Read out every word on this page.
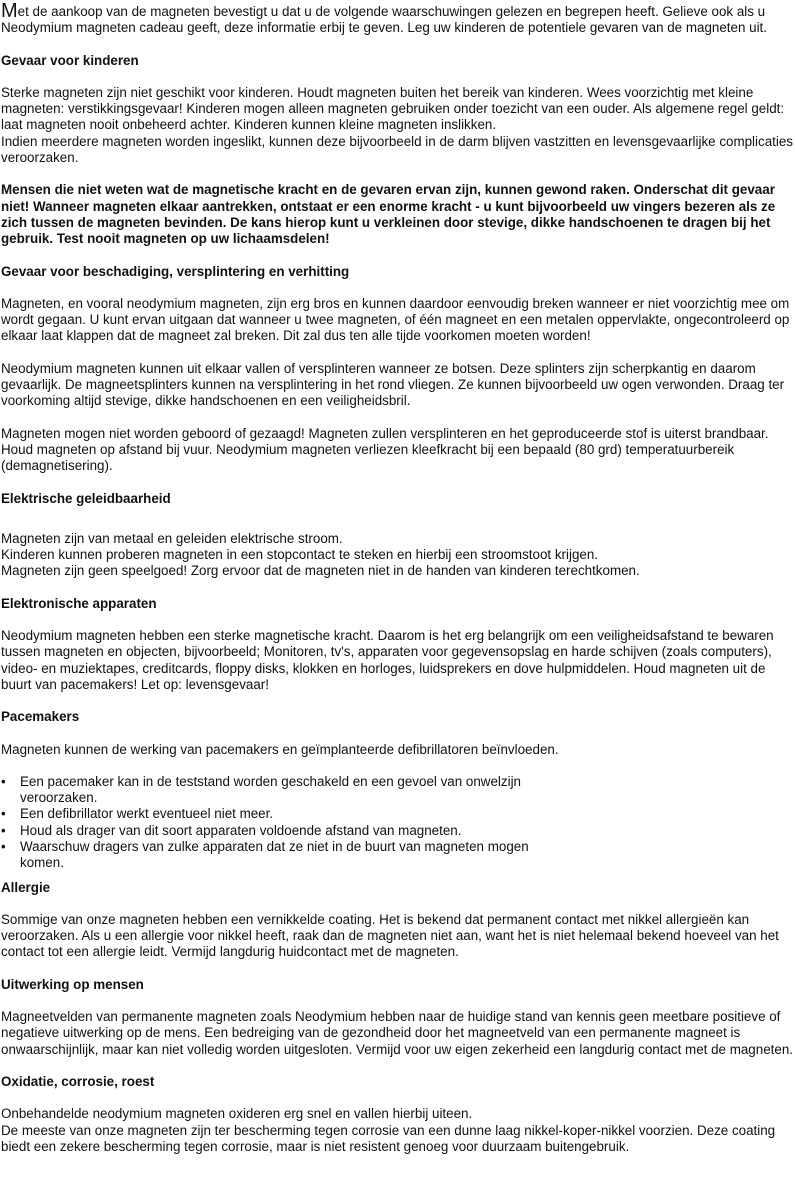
Met de aankoop van de magneten bevestigt u dat u de volgende waarschuwingen gelezen en begrepen heeft. Gelieve ook als u Neodymium magneten cadeau geeft, deze informatie erbij te geven. Leg uw kinderen de potentiele gevaren van de magneten uit.

Gevaar voor kinderen

Sterke magneten zijn niet geschikt voor kinderen. Houdt magneten buiten het bereik van kinderen. Wees voorzichtig met kleine magneten: verstikkingsgevaar! Kinderen mogen alleen magneten gebruiken onder toezicht van een ouder. Als algemene regel geldt: laat magneten nooit onbeheerd achter. Kinderen kunnen kleine magneten inslikken.

Indien meerdere magneten worden ingeslikt, kunnen deze bijvoorbeeld in de darm blijven vastzitten en levensgevaarlijke complicaties veroorzaken.

Mensen die niet weten wat de magnetische kracht en de gevaren ervan zijn, kunnen gewond raken. Onderschat dit gevaar niet! Wanneer magneten elkaar aantrekken, ontstaat er een enorme kracht - u kunt bijvoorbeeld uw vingers bezeren als ze zich tussen de magneten bevinden. De kans hierop kunt u verkleinen door stevige, dikke handschoenen te dragen bij het gebruik. Test nooit magneten op uw lichaamsdelen!

Gevaar voor beschadiging, versplintering en verhitting

Magneten, en vooral neodymium magneten, zijn erg bros en kunnen daardoor eenvoudig breken wanneer er niet voorzichtig mee om wordt gegaan. U kunt ervan uitgaan dat wanneer u twee magneten, of één magneet en een metalen oppervlakte, ongecontroleerd op elkaar laat klappen dat de magneet zal breken. Dit zal dus ten alle tijde voorkomen moeten worden!

Neodymium magneten kunnen uit elkaar vallen of versplinteren wanneer ze botsen. Deze splinters zijn scherpkantig en daarom gevaarlijk. De magneetsplinters kunnen na versplintering in het rond vliegen. Ze kunnen bijvoorbeeld uw ogen verwonden. Draag ter voorkoming altijd stevige, dikke handschoenen en een veiligheidsbril.

Magneten mogen niet worden geboord of gezaagd! Magneten zullen versplinteren en het geproduceerde stof is uiterst brandbaar. Houd magneten op afstand bij vuur. Neodymium magneten verliezen kleefkracht bij een bepaald (80 grd) temperatuurbereik (demagnetisering).

Elektrische geleidbaarheid

Magneten zijn van metaal en geleiden elektrische stroom.

Kinderen kunnen proberen magneten in een stopcontact te steken en hierbij een stroomstoot krijgen.

Magneten zijn geen speelgoed! Zorg ervoor dat de magneten niet in de handen van kinderen terechtkomen.

Elektronische apparaten

Neodymium magneten hebben een sterke magnetische kracht. Daarom is het erg belangrijk om een veiligheidsafstand te bewaren tussen magneten en objecten, bijvoorbeeld; Monitoren, tv's, apparaten voor gegevensopslag en harde schijven (zoals computers), video- en muziektapes, creditcards, floppy disks, klokken en horloges, luidsprekers en dove hulpmiddelen. Houd magneten uit de buurt van pacemakers! Let op: levensgevaar!

Pacemakers

Magneten kunnen de werking van pacemakers en geïmplanteerde defibrillatoren beïnvloeden.

• Een pacemaker kan in de teststand worden geschakeld en een gevoel van onwelzijn veroorzaken.
• Een defibrillator werkt eventueel niet meer.
• Houd als drager van dit soort apparaten voldoende afstand van magneten.
• Waarschuw dragers van zulke apparaten dat ze niet in de buurt van magneten mogen komen.
Allergie

Sommige van onze magneten hebben een vernikkelde coating. Het is bekend dat permanent contact met nikkel allergieën kan veroorzaken. Als u een allergie voor nikkel heeft, raak dan de magneten niet aan, want het is niet helemaal bekend hoeveel van het contact tot een allergie leidt. Vermijd langdurig huidcontact met de magneten.

Uitwerking op mensen

Magneetvelden van permanente magneten zoals Neodymium hebben naar de huidige stand van kennis geen meetbare positieve of negatieve uitwerking op de mens. Een bedreiging van de gezondheid door het magneetveld van een permanente magneet is onwaarschijnlijk, maar kan niet volledig worden uitgesloten. Vermijd voor uw eigen zekerheid een langdurig contact met de magneten.

Oxidatie, corrosie, roest

Onbehandelde neodymium magneten oxideren erg snel en vallen hierbij uiteen.

De meeste van onze magneten zijn ter bescherming tegen corrosie van een dunne laag nikkel-koper-nikkel voorzien. Deze coating biedt een zekere bescherming tegen corrosie, maar is niet resistent genoeg voor duurzaam buitengebruik.
